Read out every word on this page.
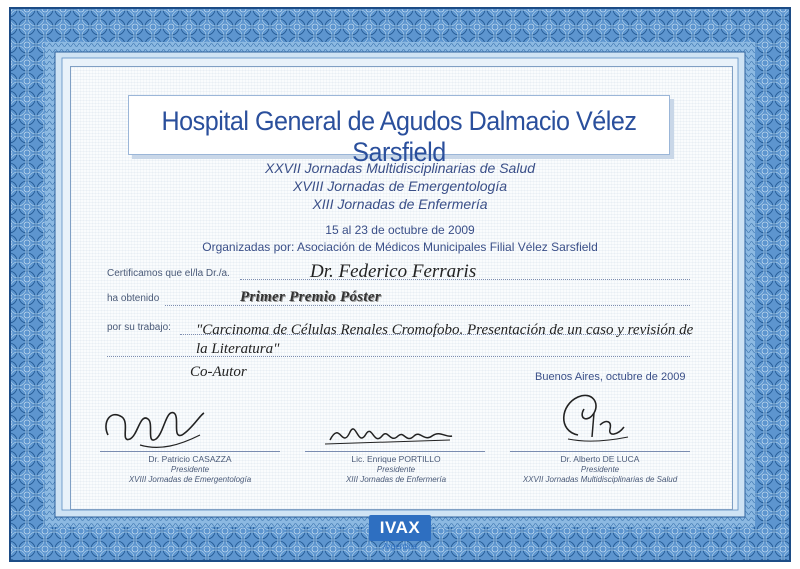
Hospital General de Agudos Dalmacio Vélez Sarsfield
XXVII Jornadas Multidisciplinarias de Salud
XVIII Jornadas de Emergentología
XIII Jornadas de Enfermería
15 al 23 de octubre de 2009
Organizadas por: Asociación de Médicos Municipales Filial Vélez Sarsfield
Certificamos que el/la Dr./a.	Dr. Federico Ferraris
ha obtenido	Primer Premio Póster
por su trabajo: "Carcinoma de Células Renales Cromofobo. Presentación de un caso y revisión de la Literatura"
Co-Autor	Buenos Aires, octubre de 2009
Dr. Patricio CASAZZA
Presidente
XVIII Jornadas de Emergentología
Lic. Enrique PORTILLO
Presidente
XIII Jornadas de Enfermería
Dr. Alberto DE LUCA
Presidente
XXVII Jornadas Multidisciplinarias de Salud
IVAX
Argentina
